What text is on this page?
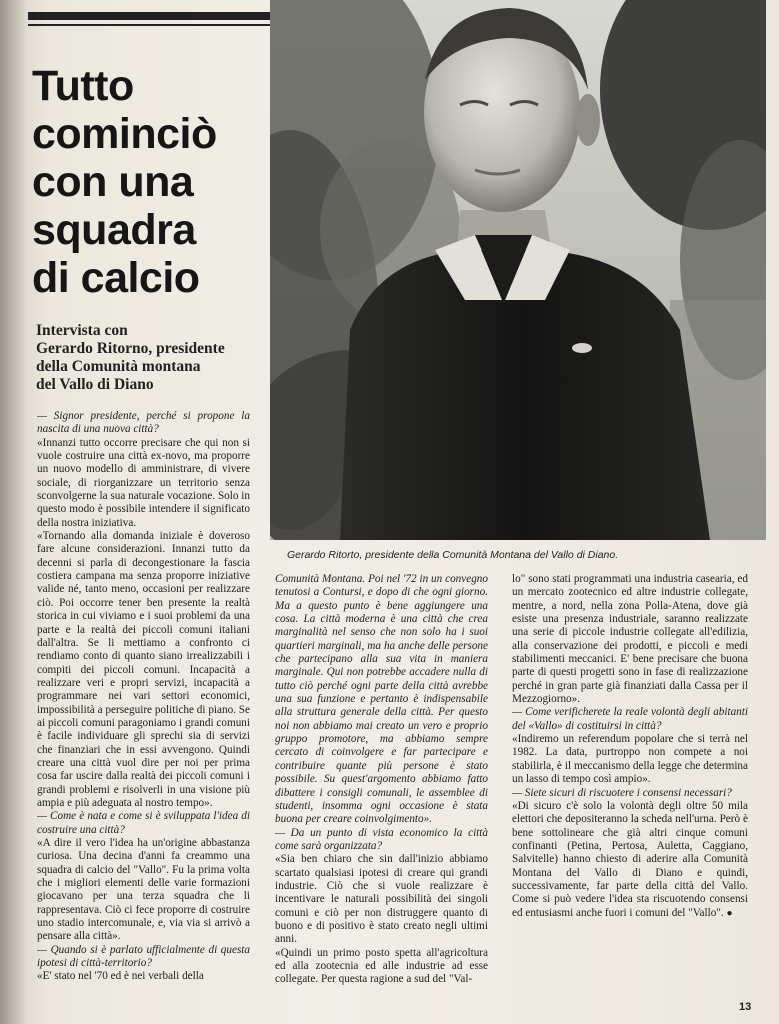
Tutto
cominciò
con una
squadra
di calcio
Intervista con
Gerardo Ritorno, presidente
della Comunità montana
del Vallo di Diano
Gerardo Ritorto, presidente della Comunità Montana del Vallo di Diano.

— Signor presidente, perché si propone la nascita di una nuova città?

«Innanzi tutto occorre precisare che qui non si vuole costruire una città ex-novo, ma proporre un nuovo modello di amministrare, di vivere sociale, di riorganizzare un territorio senza sconvolgerne la sua naturale vocazione. Solo in questo modo è possibile intendere il significato della nostra iniziativa.

«Tornando alla domanda iniziale è doveroso fare alcune considerazioni. Innanzi tutto da decenni si parla di decongestionare la fascia costiera campana ma senza proporre iniziative valide né, tanto meno, occasioni per realizzare ciò. Poi occorre tener ben presente la realtà storica in cui viviamo e i suoi problemi da una parte e la realtà dei piccoli comuni italiani dall'altra. Se li mettiamo a confronto ci rendiamo conto di quanto siano irrealizzabili i compiti dei piccoli comuni. Incapacità a realizzare veri e propri servizi, incapacità a programmare nei vari settori economici, impossibilità a perseguire politiche di piano. Se ai piccoli comuni paragoniamo i grandi comuni è facile individuare gli sprechi sia di servizi che finanziari che in essi avvengono. Quindi creare una città vuol dire per noi per prima cosa far uscire dalla realtà dei piccoli comuni i grandi problemi e risolverli in una visione più ampia e più adeguata al nostro tempo».

— Come è nata e come si è sviluppata l'idea di costruire una città?

«A dire il vero l'idea ha un'origine abbastanza curiosa. Una decina d'anni fa creammo una squadra di calcio del "Vallo". Fu la prima volta che i migliori elementi delle varie formazioni giocavano per una terza squadra che li rappresentava. Ciò ci fece proporre di costruire uno stadio intercomunale, e, via via si arrivò a pensare alla città».

— Quando si è parlato ufficialmente di questa ipotesi di città-territorio?

«E' stato nel '70 ed è nei verbali della

Comunità Montana. Poi nel '72 in un convegno tenutosi a Contursi, e dopo di che ogni giorno. Ma a questo punto è bene aggiungere una cosa. La città moderna è una città che crea marginalità nel senso che non solo ha i suoi quartieri marginali, ma ha anche delle persone che partecipano alla sua vita in maniera marginale. Qui non potrebbe accadere nulla di tutto ciò perché ogni parte della città avrebbe una sua funzione e pertanto è indispensabile alla struttura generale della città. Per questo noi non abbiamo mai creato un vero e proprio gruppo promotore, ma abbiamo sempre cercato di coinvolgere e far partecipare e contribuire quante più persone è stato possibile. Su quest'argomento abbiamo fatto dibattere i consigli comunali, le assemblee di studenti, insomma ogni occasione è stata buona per creare coinvolgimento».

— Da un punto di vista economico la città come sarà organizzata?

«Sia ben chiaro che sin dall'inizio abbiamo scartato qualsiasi ipotesi di creare qui grandi industrie. Ciò che si vuole realizzare è incentivare le naturali possibilità dei singoli comuni e ciò per non distruggere quanto di buono e di positivo è stato creato negli ultimi anni.

«Quindi un primo posto spetta all'agricoltura ed alla zootecnia ed alle industrie ad esse collegate. Per questa ragione a sud del "Val-

lo" sono stati programmati una industria casearia, ed un mercato zootecnico ed altre industrie collegate, mentre, a nord, nella zona Polla-Atena, dove già esiste una presenza industriale, saranno realizzate una serie di piccole industrie collegate all'edilizia, alla conservazione dei prodotti, e piccoli e medi stabilimenti meccanici. E' bene precisare che buona parte di questi progetti sono in fase di realizzazione perché in gran parte già finanziati dalla Cassa per il Mezzogiorno».

— Come verificherete la reale volontà degli abitanti del «Vallo» di costituirsi in città?

«Indiremo un referendum popolare che si terrà nel 1982. La data, purtroppo non compete a noi stabilirla, è il meccanismo della legge che determina un lasso di tempo così ampio».

— Siete sicuri di riscuotere i consensi necessari?

«Di sicuro c'è solo la volontà degli oltre 50 mila elettori che depositeranno la scheda nell'urna. Però è bene sottolineare che già altri cinque comuni confinanti (Petina, Pertosa, Auletta, Caggiano, Salvitelle) hanno chiesto di aderire alla Comunità Montana del Vallo di Diano e quindi, successivamente, far parte della città del Vallo. Come si può vedere l'idea sta riscuotendo consensi ed entusiasmi anche fuori i comuni del "Vallo". ●

13
